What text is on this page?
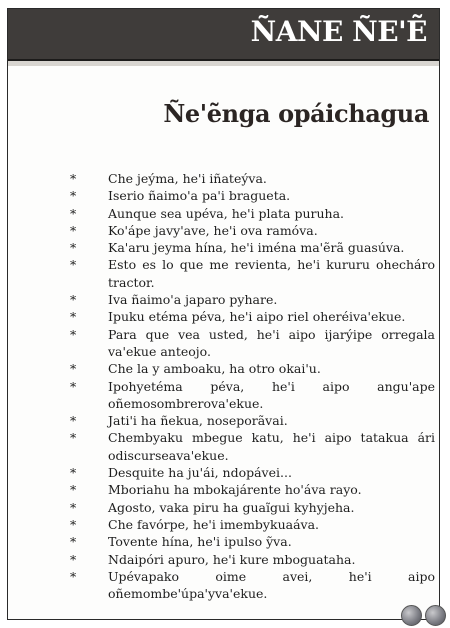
ÑANE ÑE'Ẽ
Ñe'ẽnga opáichagua
*	Che jeýma, he'i iñateýva.
*	Iserio ñaimo'a pa'i bragueta.
*	Aunque sea upéva, he'i plata puruha.
*	Ko'ápe javy'ave, he'i ova ramóva.
*	Ka'aru jeyma hína, he'i iména ma'ẽrã guasúva.
*	Esto es lo que me revienta, he'i kururu ohecháro tractor.
*	Iva ñaimo'a japaro pyhare.
*	Ipuku etéma péva, he'i aipo riel oheréiva'ekue.
*	Para que vea usted, he'i aipo ijarýipe orregala va'ekue anteojo.
*	Che la y amboaku, ha otro okai'u.
*	Ipohyetéma péva, he'i aipo angu'ape oñemosombrerova'ekue.
*	Jati'i ha ñekua, noseporãvai.
*	Chembyaku mbegue katu, he'i aipo tatakua ári odiscurseava'ekue.
*	Desquite ha ju'ái, ndopávei...
*	Mboriahu ha mbokajárente ho'áva rayo.
*	Agosto, vaka piru ha guaĩgui kyhyjeha.
*	Che favórpe, he'i imembykuaáva.
*	Tovente hína, he'i ipulso ỹva.
*	Ndaipóri apuro, he'i kure mboguataha.
*	Upévapako oime avei, he'i aipo oñemombe'úpa'yva'ekue.
